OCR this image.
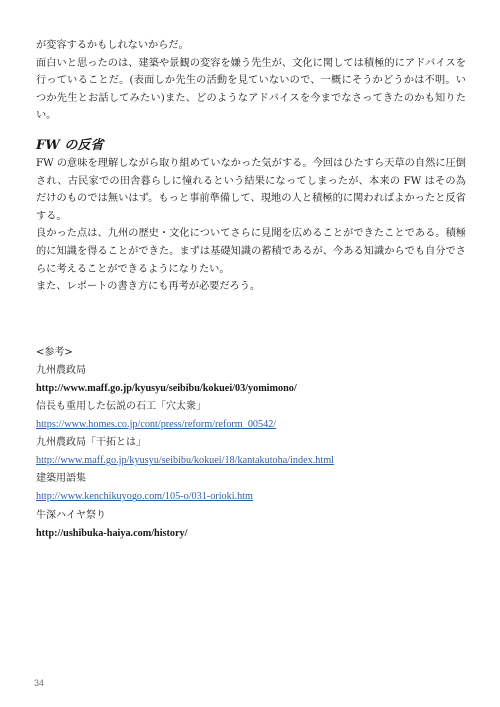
が変容するかもしれないからだ。

面白いと思ったのは、建築や景観の変容を嫌う先生が、文化に関しては積極的にアドバイスを行っていることだ。(表面しか先生の活動を見ていないので、一概にそうかどうかは不明。いつか先生とお話してみたい)また、どのようなアドバイスを今までなさってきたのかも知りたい。

FW の反省

FW の意味を理解しながら取り組めていなかった気がする。今回はひたすら天草の自然に圧倒され、古民家での田舎暮らしに憧れるという結果になってしまったが、本来の FW はその為だけのものでは無いはず。もっと事前準備して、現地の人と積極的に関わればよかったと反省する。

良かった点は、九州の歴史・文化についてさらに見聞を広めることができたことである。積極的に知識を得ることができた。まずは基礎知識の蓄積であるが、今ある知識からでも自分でさらに考えることができるようになりたい。

また、レポートの書き方にも再考が必要だろう。

<参考>
九州農政局
http://www.maff.go.jp/kyusyu/seibibu/kokuei/03/yomimono/
信長も重用した伝説の石工「穴太衆」
https://www.homes.co.jp/cont/press/reform/reform_00542/
九州農政局「干拓とは」
http://www.maff.go.jp/kyusyu/seibibu/kokuei/18/kantakutoha/index.html
建築用語集
http://www.kenchikuyogo.com/105-o/031-orioki.htm
牛深ハイヤ祭り
http://ushibuka-haiya.com/history/
34
